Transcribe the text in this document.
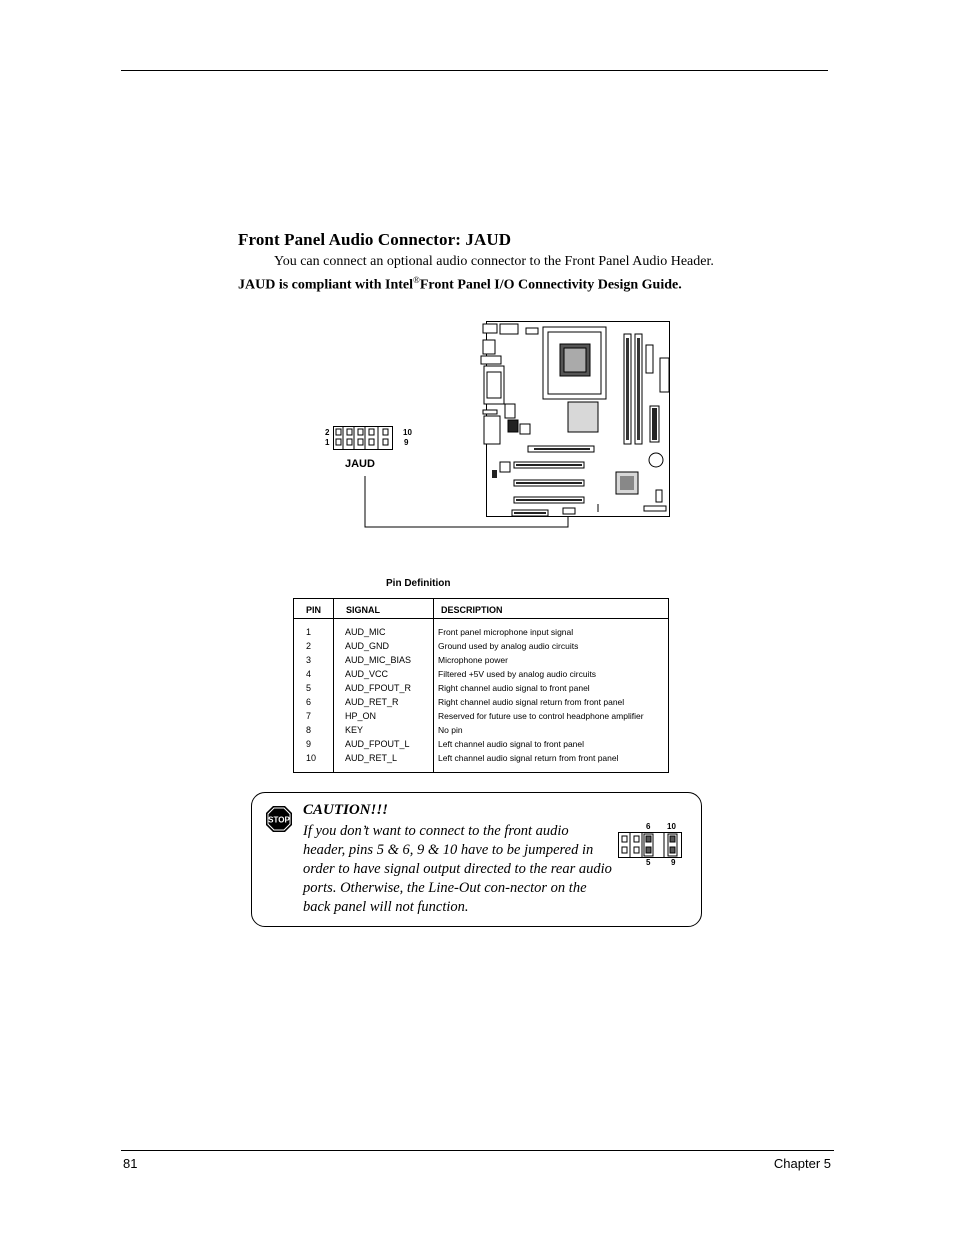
Front Panel Audio Connector: JAUD
You can connect an optional audio connector to the Front Panel Audio Header. JAUD is compliant with Intel®Front Panel I/O Connectivity Design Guide.
2
1
10
9
JAUD
Pin Definition
PIN	SIGNAL	DESCRIPTION
1	AUD_MIC	Front panel microphone input signal
2	AUD_GND	Ground used by analog audio circuits
3	AUD_MIC_BIAS	Microphone power
4	AUD_VCC	Filtered +5V used by analog audio circuits
5	AUD_FPOUT_R	Right channel audio signal to front panel
6	AUD_RET_R	Right channel audio signal return from front panel
7	HP_ON	Reserved for future use to control headphone amplifier
8	KEY	No pin
9	AUD_FPOUT_L	Left channel audio signal to front panel
10	AUD_RET_L	Left channel audio signal return from front panel
STOP
CAUTION!!!
If you don’t want to connect to the front audio header, pins 5 & 6, 9 & 10 have to be jumpered in order to have signal output directed to the rear audio ports. Otherwise, the Line-Out con-nector on the back panel will not function.
6 10
5	9
81	Chapter 5
